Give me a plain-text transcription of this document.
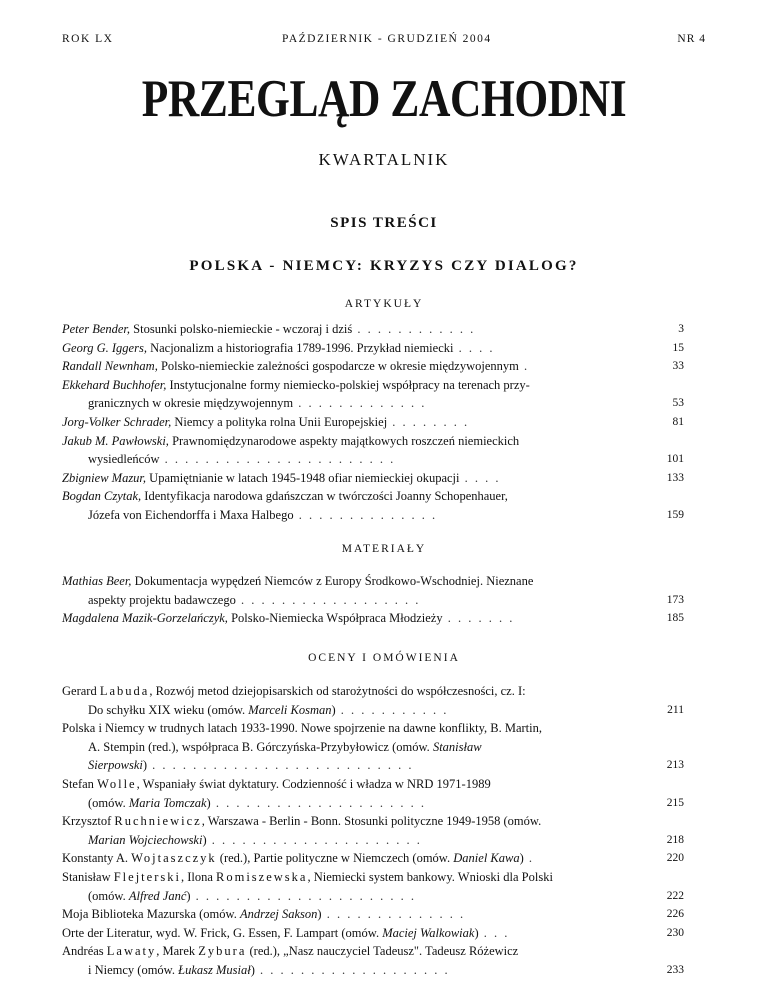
ROK LX	PAŹDZIERNIK - GRUDZIEŃ 2004	NR 4
PRZEGLĄD ZACHODNI
KWARTALNIK
SPIS TREŚCI
POLSKA - NIEMCY: KRYZYS CZY DIALOG?
ARTYKUŁY
Peter Bender, Stosunki polsko-niemieckie - wczoraj i dziś . . . . . . . . . . . .	3
Georg G. Iggers, Nacjonalizm a historiografia 1789-1996. Przykład niemiecki . . . .	15
Randall Newnham, Polsko-niemieckie zależności gospodarcze w okresie międzywojennym .	33
Ekkehard Buchhofer, Instytucjonalne formy niemiecko-polskiej współpracy na terenach przy-
granicznych w okresie międzywojennym . . . . . . . . . . . . .	53
Jorg-Volker Schrader, Niemcy a polityka rolna Unii Europejskiej . . . . . . . .	81
Jakub M. Pawłowski, Prawnomiędzynarodowe aspekty majątkowych roszczeń niemieckich
wysiedleńców . . . . . . . . . . . . . . . . . . . . . . .	101
Zbigniew Mazur, Upamiętnianie w latach 1945-1948 ofiar niemieckiej okupacji . . . .	133
Bogdan Czytak, Identyfikacja narodowa gdańszczan w twórczości Joanny Schopenhauer,
Józefa von Eichendorffa i Maxa Halbego . . . . . . . . . . . . . .	159
MATERIAŁY
Mathias Beer, Dokumentacja wypędzeń Niemców z Europy Środkowo-Wschodniej. Nieznane
aspekty projektu badawczego . . . . . . . . . . . . . . . . . .	173
Magdalena Mazik-Gorzelańczyk, Polsko-Niemiecka Współpraca Młodzieży . . . . . . .	185
OCENY I OMÓWIENIA
Gerard Labuda, Rozwój metod dziejopisarskich od starożytności do współczesności, cz. I:
Do schyłku XIX wieku (omów. Marceli Kosman) . . . . . . . . . . .	211
Polska i Niemcy w trudnych latach 1933-1990. Nowe spojrzenie na dawne konflikty, B. Martin,
A. Stempin (red.), współpraca B. Górczyńska-Przybyłowicz (omów. Stanisław
Sierpowski) . . . . . . . . . . . . . . . . . . . . . . . . . .	213
Stefan Wolle, Wspaniały świat dyktatury. Codzienność i władza w NRD 1971-1989
(omów. Maria Tomczak) . . . . . . . . . . . . . . . . . . . . .	215
Krzysztof Ruchniewicz, Warszawa - Berlin - Bonn. Stosunki polityczne 1949-1958 (omów.
Marian Wojciechowski) . . . . . . . . . . . . . . . . . . . . .	218
Konstanty A. Wojtaszczyk (red.), Partie polityczne w Niemczech (omów. Daniel Kawa) .	220
Stanisław Flejterski, Ilona Romiszewska, Niemiecki system bankowy. Wnioski dla Polski
(omów. Alfred Janć) . . . . . . . . . . . . . . . . . . . . . .	222
Moja Biblioteka Mazurska (omów. Andrzej Sakson) . . . . . . . . . . . . . .	226
Orte der Literatur, wyd. W. Frick, G. Essen, F. Lampart (omów. Maciej Walkowiak) . . .	230
Andréas Lawaty, Marek Zybura (red.), „Nasz nauczyciel Tadeusz". Tadeusz Różewicz
i Niemcy (omów. Łukasz Musiał) . . . . . . . . . . . . . . . . . . .	233
